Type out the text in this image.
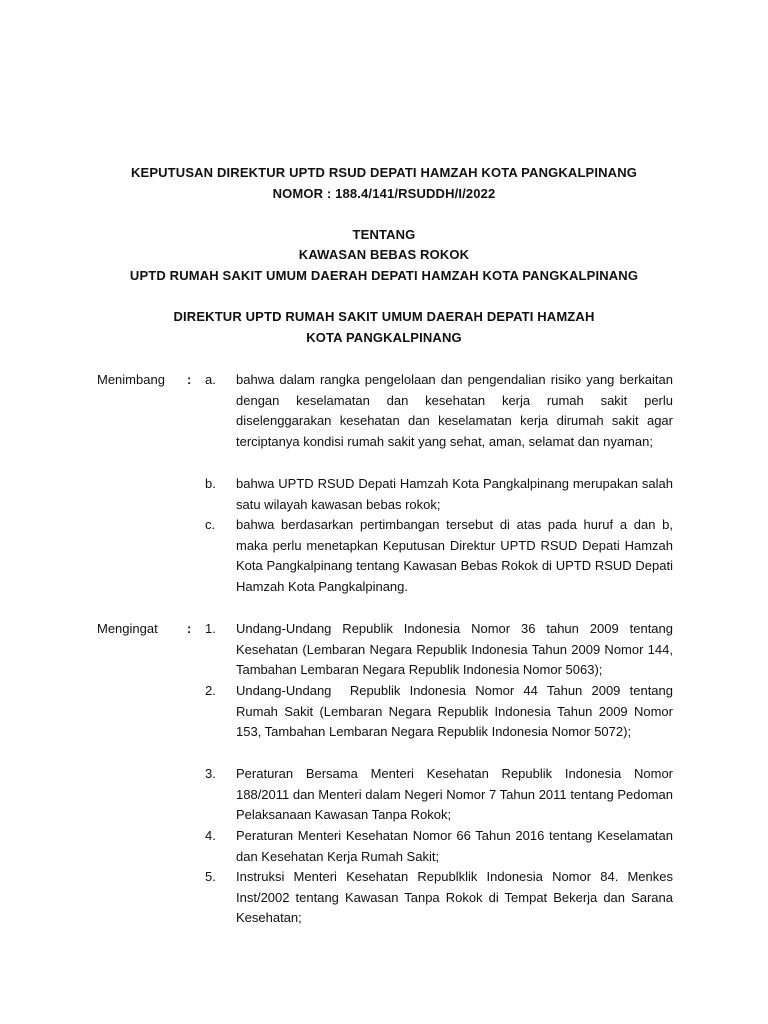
KEPUTUSAN DIREKTUR UPTD RSUD DEPATI HAMZAH KOTA PANGKALPINANG
NOMOR : 188.4/141/RSUDDH/I/2022
TENTANG
KAWASAN BEBAS ROKOK
UPTD RUMAH SAKIT UMUM DAERAH DEPATI HAMZAH KOTA PANGKALPINANG
DIREKTUR UPTD RUMAH SAKIT UMUM DAERAH DEPATI HAMZAH
KOTA PANGKALPINANG
Menimbang : a. bahwa dalam rangka pengelolaan dan pengendalian risiko yang berkaitan dengan keselamatan dan kesehatan kerja rumah sakit perlu diselenggarakan kesehatan dan keselamatan kerja dirumah sakit agar terciptanya kondisi rumah sakit yang sehat, aman, selamat dan nyaman;
b. bahwa UPTD RSUD Depati Hamzah Kota Pangkalpinang merupakan salah satu wilayah kawasan bebas rokok;
c. bahwa berdasarkan pertimbangan tersebut di atas pada huruf a dan b, maka perlu menetapkan Keputusan Direktur UPTD RSUD Depati Hamzah Kota Pangkalpinang tentang Kawasan Bebas Rokok di UPTD RSUD Depati Hamzah Kota Pangkalpinang.
Mengingat : 1. Undang-Undang Republik Indonesia Nomor 36 tahun 2009 tentang Kesehatan (Lembaran Negara Republik Indonesia Tahun 2009 Nomor 144, Tambahan Lembaran Negara Republik Indonesia Nomor 5063);
2. Undang-Undang  Republik Indonesia Nomor 44 Tahun 2009 tentang Rumah Sakit (Lembaran Negara Republik Indonesia Tahun 2009 Nomor 153, Tambahan Lembaran Negara Republik Indonesia Nomor 5072);
3. Peraturan Bersama Menteri Kesehatan Republik Indonesia Nomor 188/2011 dan Menteri dalam Negeri Nomor 7 Tahun 2011 tentang Pedoman Pelaksanaan Kawasan Tanpa Rokok;
4. Peraturan Menteri Kesehatan Nomor 66 Tahun 2016 tentang Keselamatan dan Kesehatan Kerja Rumah Sakit;
5. Instruksi Menteri Kesehatan Republklik Indonesia Nomor 84. Menkes Inst/2002 tentang Kawasan Tanpa Rokok di Tempat Bekerja dan Sarana Kesehatan;
